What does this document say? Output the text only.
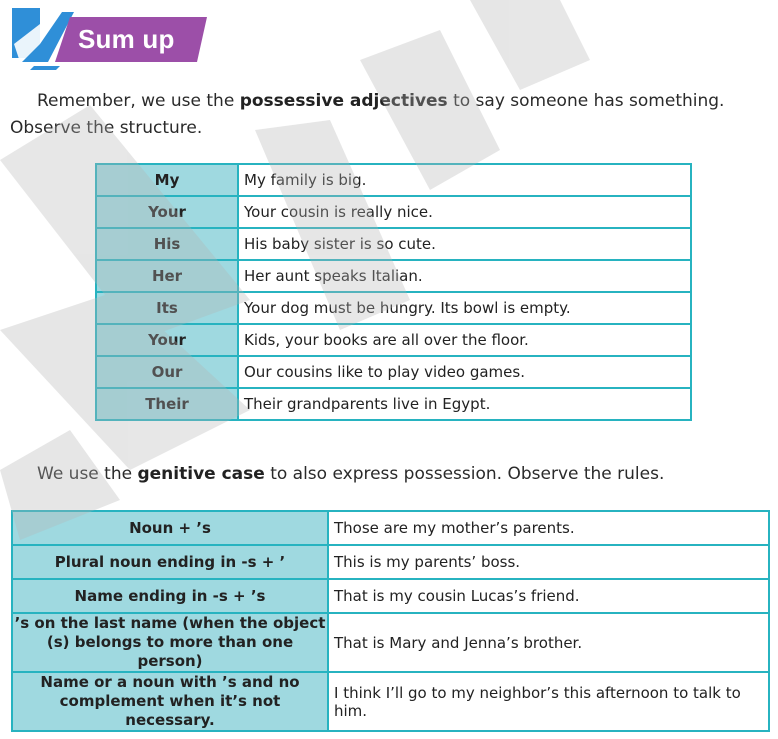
Sum up
Remember, we use the possessive adjectives to say someone has something. Observe the structure.
My	My family is big.
Your	Your cousin is really nice.
His	His baby sister is so cute.
Her	Her aunt speaks Italian.
Its	Your dog must be hungry. Its bowl is empty.
Your	Kids, your books are all over the floor.
Our	Our cousins like to play video games.
Their	Their grandparents live in Egypt.
We use the genitive case to also express possession. Observe the rules.
Noun + ’s	Those are my mother’s parents.
Plural noun ending in -s + ’	This is my parents’ boss.
Name ending in -s + ’s	That is my cousin Lucas’s friend.
’s on the last name (when the object
(s) belongs to more than one person)	That is Mary and Jenna’s brother.
Name or a noun with ’s and no
complement when it’s not necessary.	I think I’ll go to my neighbor’s this afternoon to talk to him.
